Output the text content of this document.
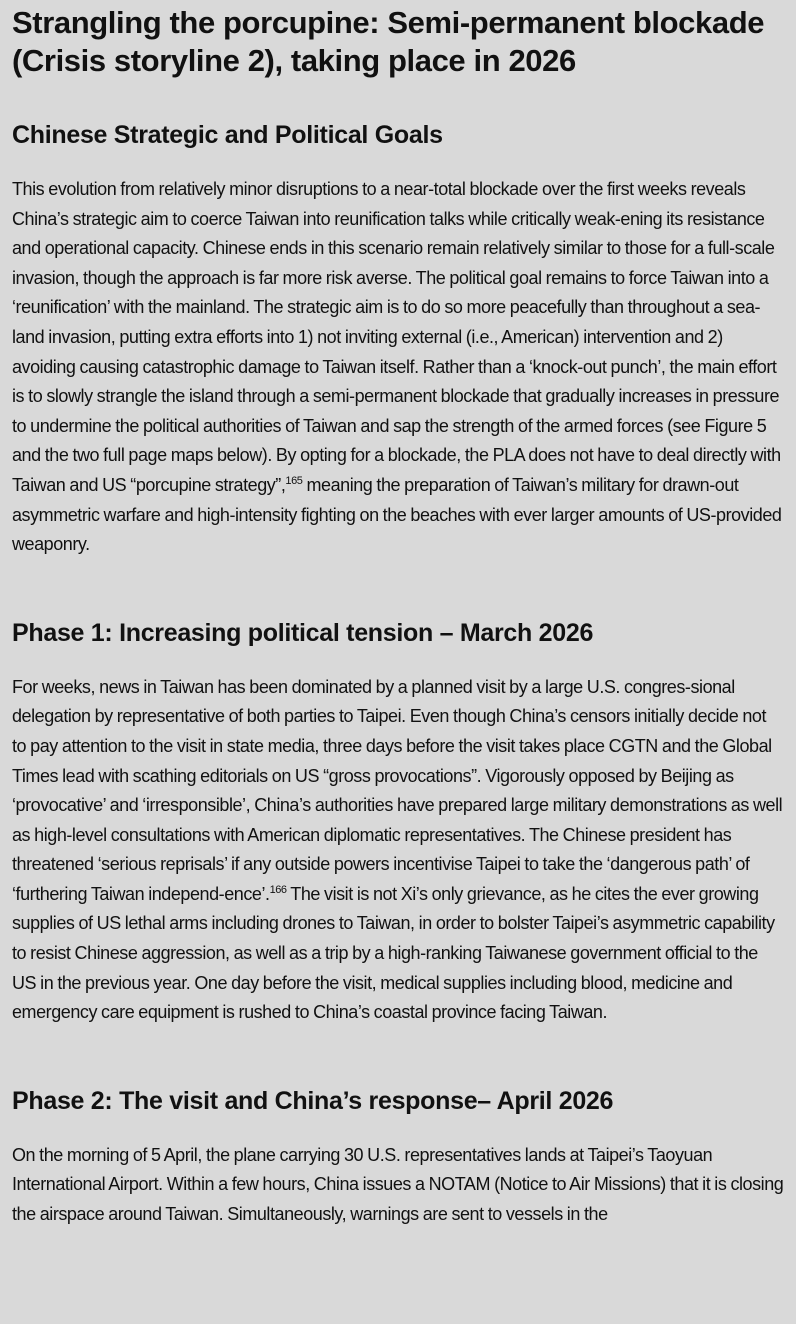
Strangling the porcupine: Semi-permanent blockade (Crisis storyline 2), taking place in 2026
Chinese Strategic and Political Goals

This evolution from relatively minor disruptions to a near-total blockade over the first weeks reveals China’s strategic aim to coerce Taiwan into reunification talks while critically weak-ening its resistance and operational capacity. Chinese ends in this scenario remain relatively similar to those for a full-scale invasion, though the approach is far more risk averse. The political goal remains to force Taiwan into a ‘reunification’ with the mainland. The strategic aim is to do so more peacefully than throughout a sea-land invasion, putting extra efforts into 1) not inviting external (i.e., American) intervention and 2) avoiding causing catastrophic damage to Taiwan itself. Rather than a ‘knock-out punch’, the main effort is to slowly strangle the island through a semi-permanent blockade that gradually increases in pressure to undermine the political authorities of Taiwan and sap the strength of the armed forces (see Figure 5 and the two full page maps below). By opting for a blockade, the PLA does not have to deal directly with Taiwan and US “porcupine strategy”,$^{165}$ meaning the preparation of Taiwan’s military for drawn-out asymmetric warfare and high-intensity fighting on the beaches with ever larger amounts of US-provided weaponry.

Phase 1: Increasing political tension – March 2026

For weeks, news in Taiwan has been dominated by a planned visit by a large U.S. congres-sional delegation by representative of both parties to Taipei. Even though China’s censors initially decide not to pay attention to the visit in state media, three days before the visit takes place CGTN and the Global Times lead with scathing editorials on US “gross provocations”. Vigorously opposed by Beijing as ‘provocative’ and ‘irresponsible’, China’s authorities have prepared large military demonstrations as well as high-level consultations with American diplomatic representatives. The Chinese president has threatened ‘serious reprisals’ if any outside powers incentivise Taipei to take the ‘dangerous path’ of ‘furthering Taiwan independ-ence’.$^{166}$ The visit is not Xi’s only grievance, as he cites the ever growing supplies of US lethal arms including drones to Taiwan, in order to bolster Taipei’s asymmetric capability to resist Chinese aggression, as well as a trip by a high-ranking Taiwanese government official to the US in the previous year. One day before the visit, medical supplies including blood, medicine and emergency care equipment is rushed to China’s coastal province facing Taiwan.

Phase 2: The visit and China’s response– April 2026

On the morning of 5 April, the plane carrying 30 U.S. representatives lands at Taipei’s Taoyuan International Airport. Within a few hours, China issues a NOTAM (Notice to Air Missions) that it is closing the airspace around Taiwan. Simultaneously, warnings are sent to vessels in the
